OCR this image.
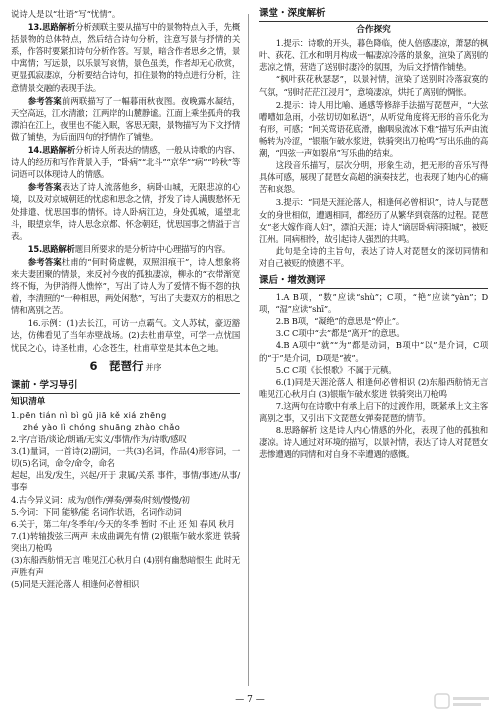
说诗人是以“壮语”写“忧情”。

13.思路解析分析颈联主要从描写中的景物特点入手，先概括景物的总体特点，然后结合诗句分析，注意写景与抒情的关系，作答时要紧扣诗句分析作答。写景，暗含作者思乡之情，景中寓情；写远景，以乐景写哀情，景色虽美，作者却无心欣赏，更显孤寂凄凉，分析要结合诗句，扣住景物的特点进行分析，注意情景交融的表现手法。

参考答案前两联描写了一幅暮雨秋夜图。夜晚露水凝结，天空高远，江水清澈；江两岸的山麓静谧。江面上乘坐孤舟的我漂泊在江上，夜里也不能入眠，客思无限，景物描写为下文抒情做了铺垫，为后面四句的抒情作了铺垫。

14.思路解析分析诗人所表达的情感，一般从诗歌的内容、诗人的经历和写作背景入手，“卧病”“北斗”“京华”“病”“吟秋”等词语可以体现诗人的情感。

参考答案表达了诗人流落他乡，病卧山城，无限悲凉的心境，以及对京城朝廷的忧虑和思念之情，抒发了诗人满腹愁怀无处排遣、忧思国事的情怀。诗人卧病江边，身处孤城，遥望北斗，眼望京华，诗人思念京都、怀念朝廷，忧思国事之情溢于言表。

15.思路解析题目所要求的是分析诗中心理描写的内容。

参考答案杜甫的“何时倚虚幌，双照泪痕干”，诗人想象将来夫妻团聚的情景，来反衬今夜的孤独凄凉，柳永的“衣带渐宽终不悔，为伊消得人憔悴”，写出了诗人为了爱情不悔不怨的执着，李清照的“一种相思，两处闲愁”，写出了夫妻双方的相思之情和离别之苦。

16.示例：(1)去长江，可访一点霸气。文人苏轼，豪迈豁达，仿佛看见了当年赤壁战场。(2)去杜甫草堂，可学一点忧国忧民之心，诗圣杜甫，心念苍生，杜甫草堂是其本色之地。

6　琵琶行 并序
课前・学习导引
知识清单

1.pēn tián nì bì gǔ jiā kě xiá zhēng

zhé yào lì chóng shuāng zhào chǎo

2.字/言语/谈论/朗诵/无实义/事情/作为/诗歌/感叹

3.(1)量词，一首诗(2)副词，一共(3)名词，作品(4)形容词，一切(5)名词，命令/命令，命名

起起，出发/发生，兴起/开于 隶属/关系 事件，事情/事迹/从事/事奉

4.古今异义词：成为/创作/弹奏/弹奏/时刻/慢慢/初

5.今词：下同 能够/能 名词作状语，名词作动词

6.关于，第二年/冬季年/今天的冬季 暂时 不止 还 知 春风 秋月

7.(1)转轴拨弦三两声 未成曲调先有情 (2)银瓶乍破水浆迸 铁骑突出刀枪鸣

(3)东船西舫悄无言 唯见江心秋月白 (4)别有幽愁暗恨生 此时无声胜有声

(5)同是天涯沦落人 相逢何必曾相识

课堂・深度解析
合作探究

1.提示：诗歌的开头，暮色降临，使人倍感凄凉，萧瑟的枫叶、荻花、江水和明月构成一幅凄凉冷落的景象，渲染了离别的悲凉之情，营造了送别时凄冷的氛围，为后文抒情作铺垫。

“枫叶荻花秋瑟瑟”，以景衬情，渲染了送别时冷落寂寞的气氛，“别时茫茫江浸月”，意境凄凉，烘托了离别的惆怅。

2.提示：诗人用比喻、通感等修辞手法描写琵琶声，“大弦嘈嘈如急雨，小弦切切如私语”，从听觉角度将无形的音乐化为有形，可感；“间关莺语花底滑，幽咽泉流冰下难”描写乐声由流畅转为冷涩，“银瓶乍破水浆迸，铁骑突出刀枪鸣”写出乐曲的高潮，“四弦一声如裂帛”写乐曲的结束。

这段音乐描写，层次分明，形象生动，把无形的音乐写得具体可感，展现了琵琶女高超的演奏技艺，也表现了她内心的痛苦和哀怨。

3.提示：“同是天涯沦落人，相逢何必曾相识”，诗人与琵琶女的身世相似，遭遇相同，都经历了从繁华到衰落的过程。琵琶女“老大嫁作商人妇”，漂泊天涯；诗人“谪居卧病浔阳城”，被贬江州。同病相怜，故引起诗人强烈的共鸣。

此句是全诗的主旨句，表达了诗人对琵琶女的深切同情和对自己被贬的愤懑不平。

课后・增效测评

1.A B项，“数”应读“shù”；C项，“艳”应读“yàn”；D项，“湿”应读“shī”。

2.B B项，“凝绝”的意思是“停止”。

3.C C项中“去”都是“离开”的意思。

4.B A项中“就”“为”都是动词，B项中“以”是介词，C项的“于”是介词，D项是“被”。

5.C C项《长恨歌》不属于元稹。

6.(1)同是天涯沦落人 相逢何必曾相识 (2)东船西舫悄无言 唯见江心秋月白 (3)银瓶乍破水浆迸 铁骑突出刀枪鸣

7.这两句在诗歌中有承上启下的过渡作用，既紧承上文主客离别之事，又引出下文琵琶女弹奏琵琶的情节。

8.思路解析 这是诗人内心情感的外化，表现了他的孤独和凄凉。诗人通过对环境的描写，以景衬情，表达了诗人对琵琶女悲惨遭遇的同情和对自身不幸遭遇的感慨。

— 7 —
